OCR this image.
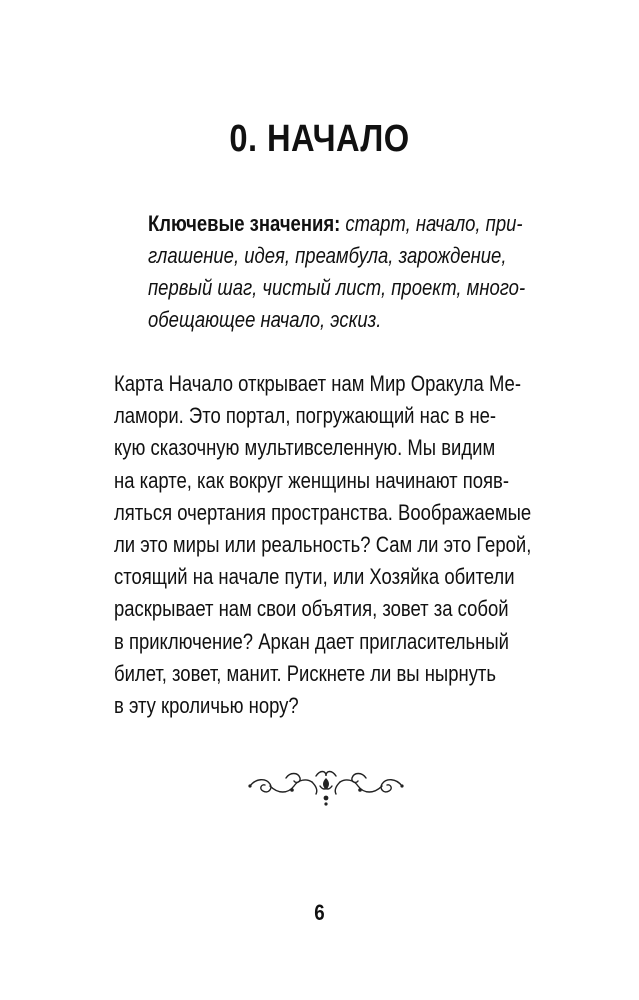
0. НАЧАЛО
Ключевые значения: старт, начало, при-
глашение, идея, преамбула, зарождение,
первый шаг, чистый лист, проект, много-
обещающее начало, эскиз.
Карта Начало открывает нам Мир Оракула Ме-
ламори. Это портал, погружающий нас в не-
кую сказочную мультивселенную. Мы видим
на карте, как вокруг женщины начинают появ-
ляться очертания пространства. Воображаемые
ли это миры или реальность? Сам ли это Герой,
стоящий на начале пути, или Хозяйка обители
раскрывает нам свои объятия, зовет за собой
в приключение? Аркан дает пригласительный
билет, зовет, манит. Рискнете ли вы нырнуть
в эту кроличью нору?
6
